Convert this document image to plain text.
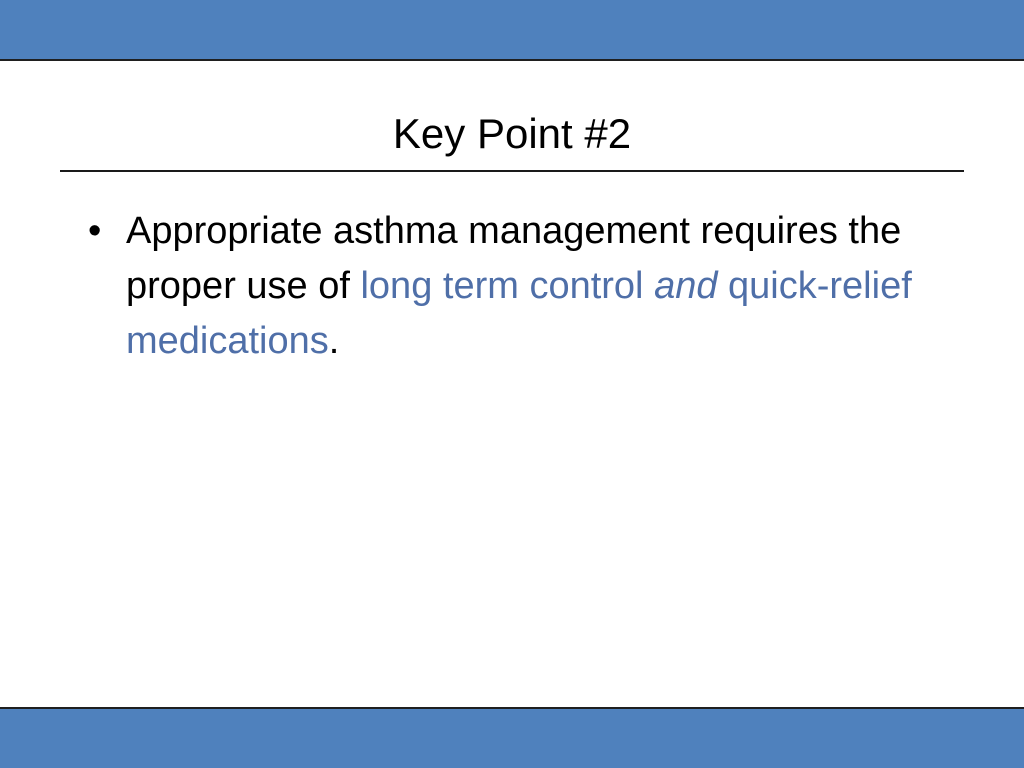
Key Point #2
• Appropriate asthma management requires the proper use of long term control and quick-relief medications.
